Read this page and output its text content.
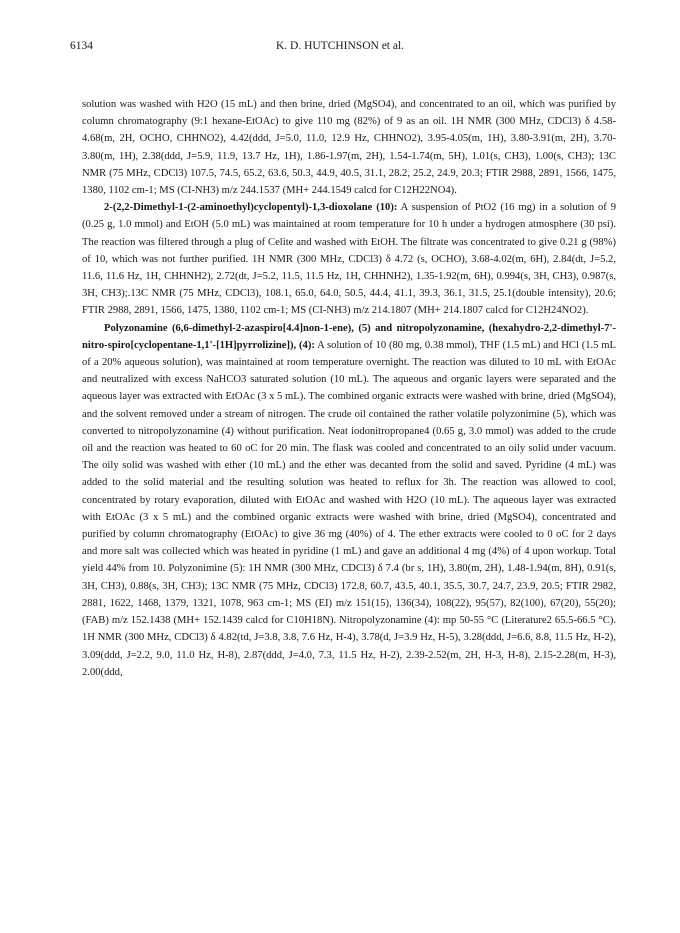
6134	K. D. HUTCHINSON et al.

solution was washed with H2O (15 mL) and then brine, dried (MgSO4), and concentrated to an oil, which was purified by column chromatography (9:1 hexane-EtOAc) to give 110 mg (82%) of 9 as an oil. 1H NMR (300 MHz, CDCl3) δ 4.58-4.68(m, 2H, OCHO, CHHNO2), 4.42(ddd, J=5.0, 11.0, 12.9 Hz, CHHNO2), 3.95-4.05(m, 1H), 3.80-3.91(m, 2H), 3.70-3.80(m, 1H), 2.38(ddd, J=5.9, 11.9, 13.7 Hz, 1H), 1.86-1.97(m, 2H), 1.54-1.74(m, 5H), 1.01(s, CH3), 1.00(s, CH3); 13C NMR (75 MHz, CDCl3) 107.5, 74.5, 65.2, 63.6, 50.3, 44.9, 40.5, 31.1, 28.2, 25.2, 24.9, 20.3; FTIR 2988, 2891, 1566, 1475, 1380, 1102 cm-1; MS (CI-NH3) m/z 244.1537 (MH+ 244.1549 calcd for C12H22NO4).

2-(2,2-Dimethyl-1-(2-aminoethyl)cyclopentyl)-1,3-dioxolane (10): A suspension of PtO2 (16 mg) in a solution of 9 (0.25 g, 1.0 mmol) and EtOH (5.0 mL) was maintained at room temperature for 10 h under a hydrogen atmosphere (30 psi). The reaction was filtered through a plug of Celite and washed with EtOH. The filtrate was concentrated to give 0.21 g (98%) of 10, which was not further purified. 1H NMR (300 MHz, CDCl3) δ 4.72 (s, OCHO), 3.68-4.02(m, 6H), 2.84(dt, J=5.2, 11.6, 11.6 Hz, 1H, CHHNH2), 2.72(dt, J=5.2, 11.5, 11.5 Hz, 1H, CHHNH2), 1.35-1.92(m, 6H), 0.994(s, 3H, CH3), 0.987(s, 3H, CH3);.13C NMR (75 MHz, CDCl3), 108.1, 65.0, 64.0, 50.5, 44.4, 41.1, 39.3, 36.1, 31.5, 25.1(double intensity), 20.6; FTIR 2988, 2891, 1566, 1475, 1380, 1102 cm-1; MS (CI-NH3) m/z 214.1807 (MH+ 214.1807 calcd for C12H24NO2).

Polyzonamine (6,6-dimethyl-2-azaspiro[4.4]non-1-ene), (5) and nitropolyzonamine, (hexahydro-2,2-dimethyl-7'-nitro-spiro[cyclopentane-1,1'-[1H]pyrrolizine]), (4): A solution of 10 (80 mg, 0.38 mmol), THF (1.5 mL) and HCl (1.5 mL of a 20% aqueous solution), was maintained at room temperature overnight. The reaction was diluted to 10 mL with EtOAc and neutralized with excess NaHCO3 saturated solution (10 mL). The aqueous and organic layers were separated and the aqueous layer was extracted with EtOAc (3 x 5 mL). The combined organic extracts were washed with brine, dried (MgSO4), and the solvent removed under a stream of nitrogen. The crude oil contained the rather volatile polyzonimine (5), which was converted to nitropolyzonamine (4) without purification. Neat iodonitropropane4 (0.65 g, 3.0 mmol) was added to the crude oil and the reaction was heated to 60 oC for 20 min. The flask was cooled and concentrated to an oily solid under vacuum. The oily solid was washed with ether (10 mL) and the ether was decanted from the solid and saved. Pyridine (4 mL) was added to the solid material and the resulting solution was heated to reflux for 3h. The reaction was allowed to cool, concentrated by rotary evaporation, diluted with EtOAc and washed with H2O (10 mL). The aqueous layer was extracted with EtOAc (3 x 5 mL) and the combined organic extracts were washed with brine, dried (MgSO4), concentrated and purified by column chromatography (EtOAc) to give 36 mg (40%) of 4. The ether extracts were cooled to 0 oC for 2 days and more salt was collected which was heated in pyridine (1 mL) and gave an additional 4 mg (4%) of 4 upon workup. Total yield 44% from 10. Polyzonimine (5): 1H NMR (300 MHz, CDCl3) δ 7.4 (br s, 1H), 3.80(m, 2H), 1.48-1.94(m, 8H), 0.91(s, 3H, CH3), 0.88(s, 3H, CH3); 13C NMR (75 MHz, CDCl3) 172.8, 60.7, 43.5, 40.1, 35.5, 30.7, 24.7, 23.9, 20.5; FTIR 2982, 2881, 1622, 1468, 1379, 1321, 1078, 963 cm-1; MS (EI) m/z 151(15), 136(34), 108(22), 95(57), 82(100), 67(20), 55(20); (FAB) m/z 152.1438 (MH+ 152.1439 calcd for C10H18N). Nitropolyzonamine (4): mp 50-55 °C (Literature2 65.5-66.5 °C). 1H NMR (300 MHz, CDCl3) δ 4.82(td, J=3.8, 3.8, 7.6 Hz, H-4), 3.78(d, J=3.9 Hz, H-5), 3.28(ddd, J=6.6, 8.8, 11.5 Hz, H-2), 3.09(ddd, J=2.2, 9.0, 11.0 Hz, H-8), 2.87(ddd, J=4.0, 7.3, 11.5 Hz, H-2), 2.39-2.52(m, 2H, H-3, H-8), 2.15-2.28(m, H-3), 2.00(ddd,
